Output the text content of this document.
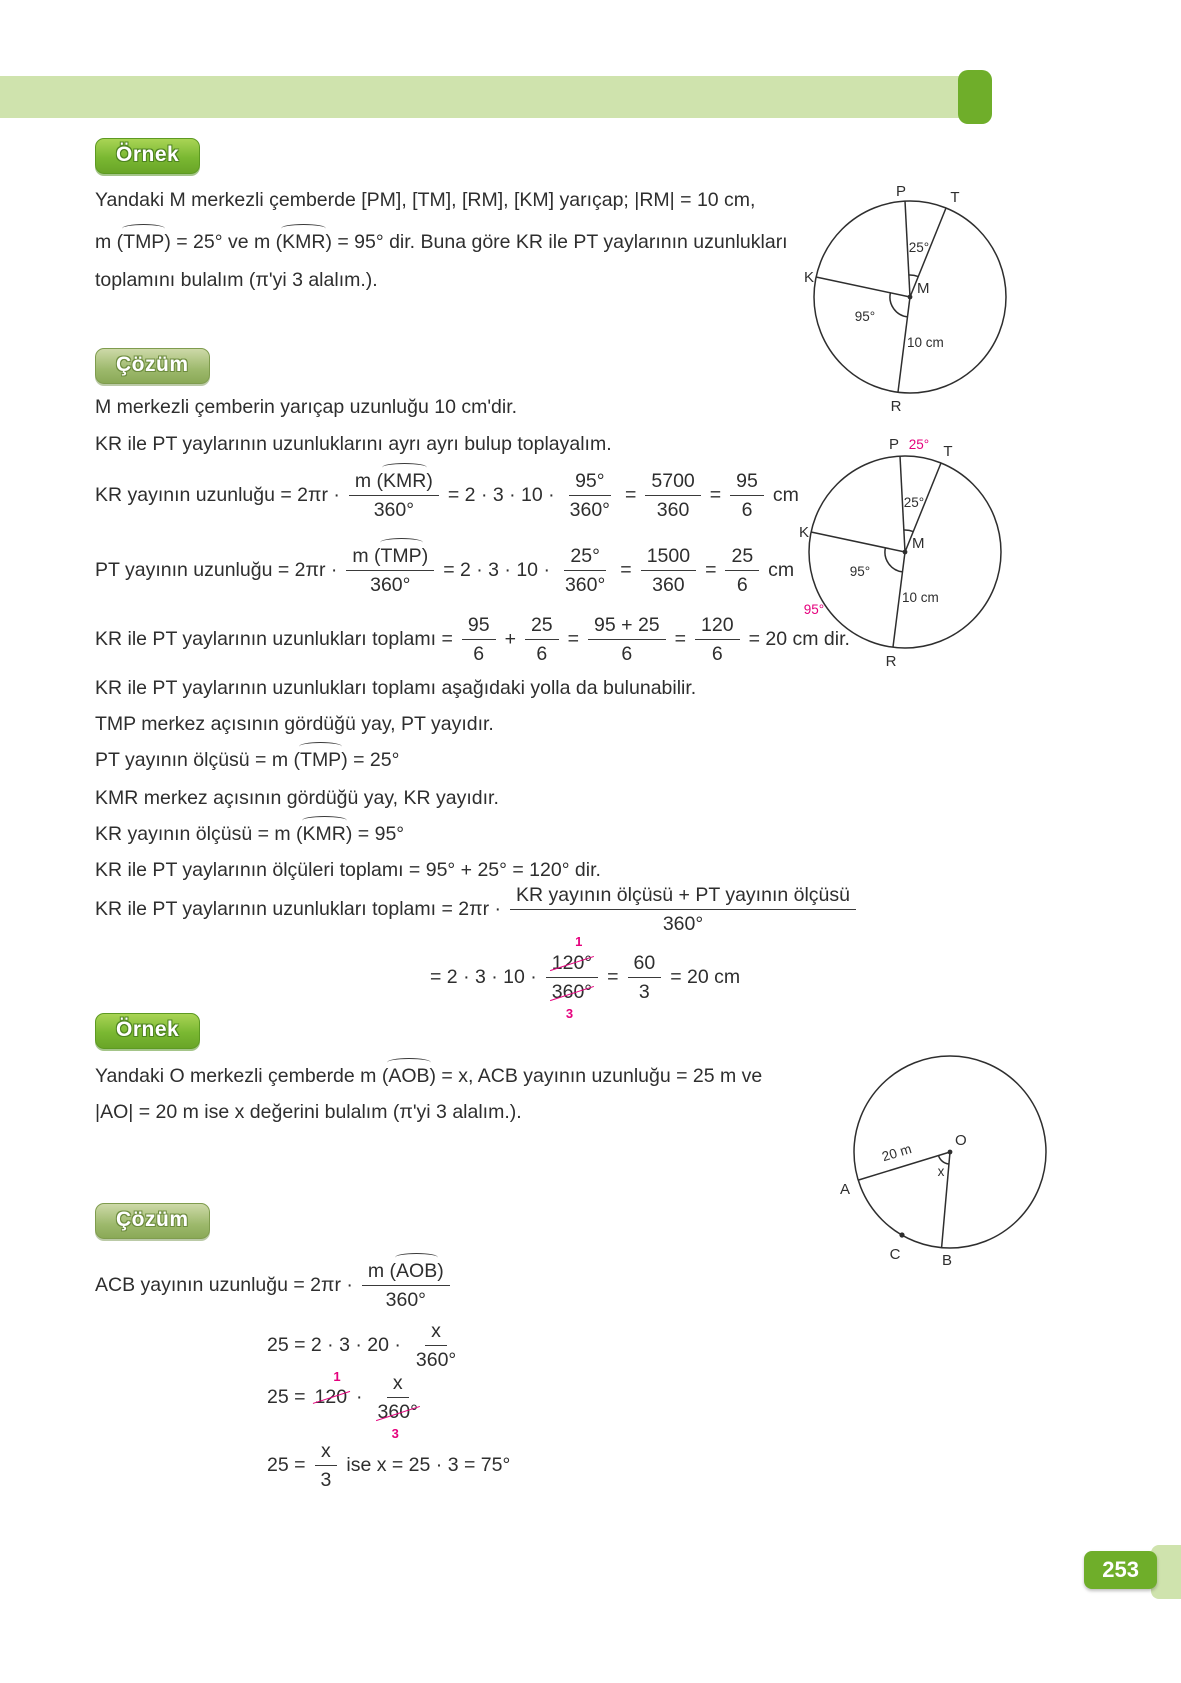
Örnek
Yandaki M merkezli çemberde [PM], [TM], [RM], [KM] yarıçap; |RM| = 10 cm,
m (TMP) = 25° ve m (KMR) = 95° dir. Buna göre KR ile PT yaylarının uzunlukları
toplamını bulalım (π'yi 3 alalım.).
P	T
K
R
M
25°
95°
10 cm
Çözüm
M merkezli çemberin yarıçap uzunluğu 10 cm'dir.
KR ile PT yaylarının uzunluklarını ayrı ayrı bulup toplayalım.
KR yayının uzunluğu = $2\pi r \cdot \frac{\text{m (KMR)}}{360^\circ} = 2 \cdot 3 \cdot 10 \cdot \frac{95^\circ}{360^\circ} = \frac{5700}{360} = \frac{95}{6}$ cm
PT yayının uzunluğu = $2\pi r \cdot \frac{\text{m (TMP)}}{360^\circ} = 2 \cdot 3 \cdot 10 \cdot \frac{25^\circ}{360^\circ} = \frac{1500}{360} = \frac{25}{6}$ cm
KR ile PT yaylarının uzunlukları toplamı = $\frac{95}{6} + \frac{25}{6} = \frac{95 + 25}{6} = \frac{120}{6} = 20$ cm dir.
KR ile PT yaylarının uzunlukları toplamı aşağıdaki yolla da bulunabilir.
TMP merkez açısının gördüğü yay, PT yayıdır.
PT yayının ölçüsü = m (TMP) = 25°
KMR merkez açısının gördüğü yay, KR yayıdır.
KR yayının ölçüsü = m (KMR) = 95°
KR ile PT yaylarının ölçüleri toplamı = 95° + 25° = 120° dir.
KR ile PT yaylarının uzunlukları toplamı = $2\pi r \cdot \frac{\text{KR yayının ölçüsü + PT yayının ölçüsü}}{360^\circ}$
= 2 · 3 · 10 · 1
120°
3
$360^\circ = \frac{60}{3} = 20$ cm
P 25° T
K
R
M
25°
95°
95°
10 cm
Örnek
Yandaki O merkezli çemberde m (AOB) = x, ACB yayının uzunluğu = 25 m ve
|AO| = 20 m ise x değerini bulalım (π'yi 3 alalım.).
O
A
B
C
x
20 m
Çözüm
ACB yayının uzunluğu = $2\pi r \cdot \frac{\text{m (AOB)}}{360^\circ}$
$25 = 2 \cdot 3 \cdot 20 \cdot \frac{x}{360^\circ}$
25 =
1
120 · x
3
360°
$25 = \frac{x}{3}$ ise x = 25 · 3 = 75°
253
